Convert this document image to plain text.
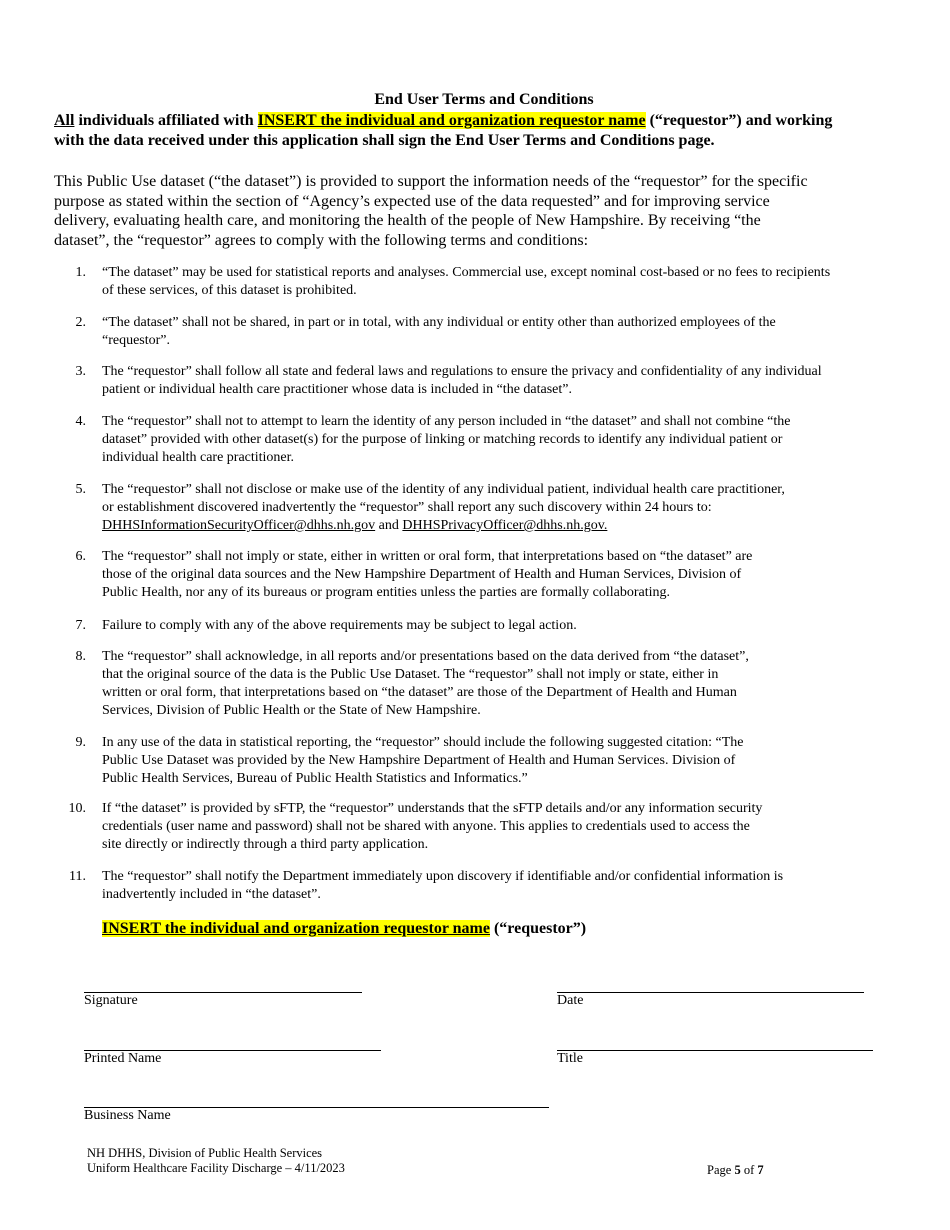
End User Terms and Conditions
All individuals affiliated with INSERT the individual and organization requestor name (“requestor”) and working
with the data received under this application shall sign the End User Terms and Conditions page.
This Public Use dataset (“the dataset”) is provided to support the information needs of the “requestor” for the specific
purpose as stated within the section of “Agency’s expected use of the data requested” and for improving service
delivery, evaluating health care, and monitoring the health of the people of New Hampshire. By receiving “the
dataset”, the “requestor” agrees to comply with the following terms and conditions:
1. “The dataset” may be used for statistical reports and analyses. Commercial use, except nominal cost-based or no fees to recipients
of these services, of this dataset is prohibited.
2. “The dataset” shall not be shared, in part or in total, with any individual or entity other than authorized employees of the
“requestor”.
3. The “requestor” shall follow all state and federal laws and regulations to ensure the privacy and confidentiality of any individual
patient or individual health care practitioner whose data is included in “the dataset”.
4. The “requestor” shall not to attempt to learn the identity of any person included in “the dataset” and shall not combine “the
dataset” provided with other dataset(s) for the purpose of linking or matching records to identify any individual patient or
individual health care practitioner.
5. The “requestor” shall not disclose or make use of the identity of any individual patient, individual health care practitioner,
or establishment discovered inadvertently the “requestor” shall report any such discovery within 24 hours to:
DHHSInformationSecurityOfficer@dhhs.nh.gov and DHHSPrivacyOfficer@dhhs.nh.gov.
6. The “requestor” shall not imply or state, either in written or oral form, that interpretations based on “the dataset” are
those of the original data sources and the New Hampshire Department of Health and Human Services, Division of
Public Health, nor any of its bureaus or program entities unless the parties are formally collaborating.
7. Failure to comply with any of the above requirements may be subject to legal action.
8. The “requestor” shall acknowledge, in all reports and/or presentations based on the data derived from “the dataset”,
that the original source of the data is the Public Use Dataset. The “requestor” shall not imply or state, either in
written or oral form, that interpretations based on “the dataset” are those of the Department of Health and Human
Services, Division of Public Health or the State of New Hampshire.
9. In any use of the data in statistical reporting, the “requestor” should include the following suggested citation: “The
Public Use Dataset was provided by the New Hampshire Department of Health and Human Services. Division of
Public Health Services, Bureau of Public Health Statistics and Informatics.”
10. If “the dataset” is provided by sFTP, the “requestor” understands that the sFTP details and/or any information security
credentials (user name and password) shall not be shared with anyone. This applies to credentials used to access the
site directly or indirectly through a third party application.
11. The “requestor” shall notify the Department immediately upon discovery if identifiable and/or confidential information is
inadvertently included in “the dataset”.
INSERT the individual and organization requestor name (“requestor”)
Signature	Date
Printed Name	Title
Business Name
NH DHHS, Division of Public Health Services
Uniform Healthcare Facility Discharge – 4/11/2023	Page 5 of 7
